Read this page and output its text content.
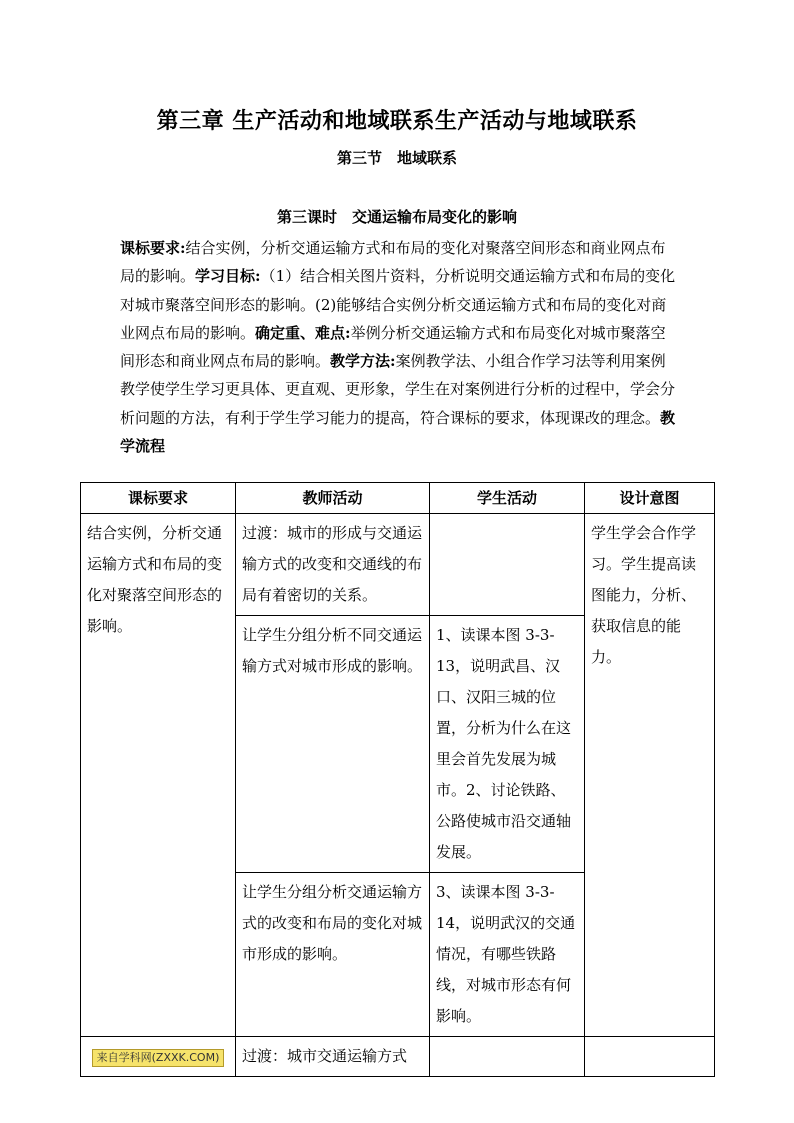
第三章 生产活动和地域联系生产活动与地域联系
第三节　地域联系
第三课时　交通运输布局变化的影响
课标要求:结合实例，分析交通运输方式和布局的变化对聚落空间形态和商业网点布局的影响。学习目标:（1）结合相关图片资料，分析说明交通运输方式和布局的变化对城市聚落空间形态的影响。(2)能够结合实例分析交通运输方式和布局的变化对商业网点布局的影响。确定重、难点:举例分析交通运输方式和布局变化对城市聚落空间形态和商业网点布局的影响。教学方法:案例教学法、小组合作学习法等利用案例教学使学生学习更具体、更直观、更形象，学生在对案例进行分析的过程中，学会分析问题的方法，有利于学生学习能力的提高，符合课标的要求，体现课改的理念。教学流程
课标要求	教师活动	学生活动	设计意图
结合实例，分析交通运输方式和布局的变化对聚落空间形态的影响。	过渡：城市的形成与交通运输方式的改变和交通线的布局有着密切的关系。		学生学会合作学习。学生提高读图能力，分析、获取信息的能力。
	让学生分组分析不同交通运输方式对城市形成的影响。	1、读课本图 3-3-13，说明武昌、汉口、汉阳三城的位置，分析为什么在这里会首先发展为城市。2、讨论铁路、公路使城市沿交通轴发展。	
	让学生分组分析交通运输方式的改变和布局的变化对城市形成的影响。	3、读课本图 3-3-14，说明武汉的交通情况，有哪些铁路线，对城市形态有何影响。	
来自学科网(ZXXK.COM)	过渡：城市交通运输方式		
